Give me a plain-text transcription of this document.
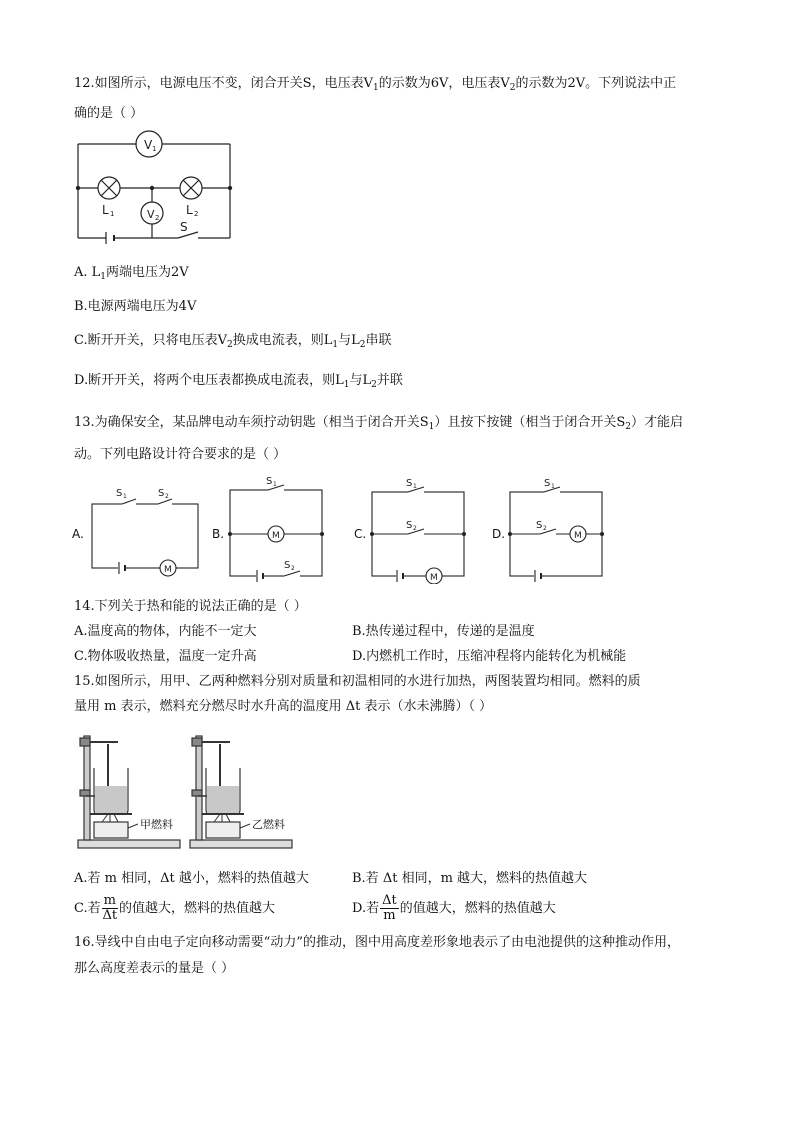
12.如图所示，电源电压不变，闭合开关S，电压表$V_1$的示数为6V，电压表$V_2$的示数为2V。下列说法中正
确的是（ ）
V 1
L 1	L 2
V 2
S
A. $L_1$两端电压为2V
B.电源两端电压为4V
C.断开开关，只将电压表$V_2$换成电流表，则$L_1$与$L_2$串联
D.断开开关，将两个电压表都换成电流表，则$L_1$与$L_2$并联
13.为确保安全，某品牌电动车须拧动钥匙（相当于闭合开关$S_1$）且按下按键（相当于闭合开关$S_2$）才能启
动。下列电路设计符合要求的是（ ）
S 1	S 2
M
S 1
M
S 2
S 1
S 2
M
S 1
S 2
M
A.	B.	C.	D.
14.下列关于热和能的说法正确的是（ ）
A.温度高的物体，内能不一定大	B.热传递过程中，传递的是温度
C.物体吸收热量，温度一定升高	D.内燃机工作时，压缩冲程将内能转化为机械能
15.如图所示，用甲、乙两种燃料分别对质量和初温相同的水进行加热，两图装置均相同。燃料的质
量用 m 表示，燃料充分燃尽时水升高的温度用 Δt 表示（水未沸腾）（ ）
甲燃料	乙燃料
A.若 m 相同，Δt 越小，燃料的热值越大	B.若 Δt 相同，m 越大，燃料的热值越大
C.若 $\frac{m}{\Delta t}$ 的值越大，燃料的热值越大	D.若 $\frac{\Delta t}{m}$ 的值越大，燃料的热值越大
16.导线中自由电子定向移动需要“动力”的推动，图中用高度差形象地表示了由电池提供的这种推动作用，
那么高度差表示的量是（ ）
